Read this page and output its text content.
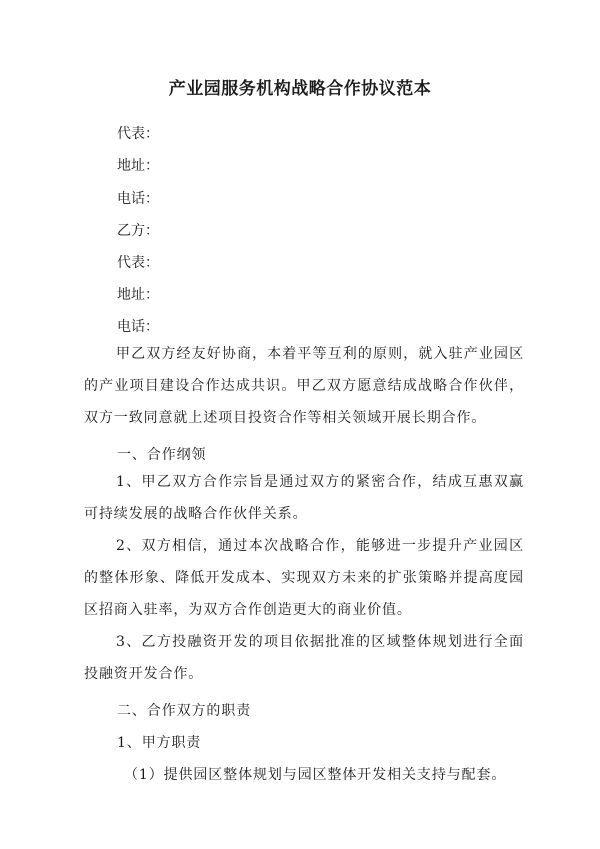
产业园服务机构战略合作协议范本
代表：
地址：
电话：
乙方：
代表：
地址：
电话：
甲乙双方经友好协商，本着平等互利的原则，就入驻产业园区的产业项目建设合作达成共识。甲乙双方愿意结成战略合作伙伴，双方一致同意就上述项目投资合作等相关领域开展长期合作。
一、合作纲领
1、甲乙双方合作宗旨是通过双方的紧密合作，结成互惠双赢可持续发展的战略合作伙伴关系。
2、双方相信，通过本次战略合作，能够进一步提升产业园区的整体形象、降低开发成本、实现双方未来的扩张策略并提高度园区招商入驻率，为双方合作创造更大的商业价值。
3、乙方投融资开发的项目依据批准的区域整体规划进行全面投融资开发合作。
二、合作双方的职责
1、甲方职责
（1）提供园区整体规划与园区整体开发相关支持与配套。
